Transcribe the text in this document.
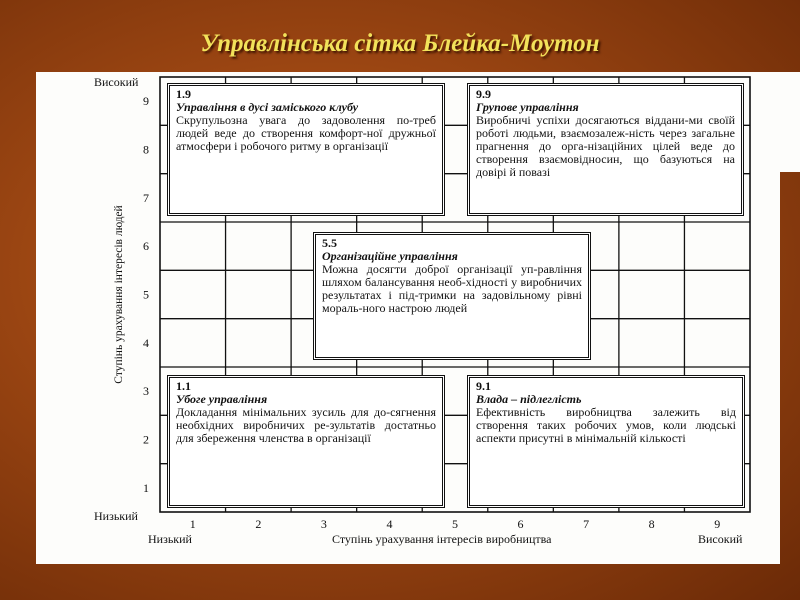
Управлінська сітка Блейка-Моутон
1
1
2
2
3
3
4
4
5
5
6
6
7
7
8
8
9
9
Ступінь урахування інтересів людей
1.9
Управління в дусі заміського клубу
Скрупульозна увага до задоволення по-треб людей веде до створення комфорт-ної дружньої атмосфери і робочого ритму в організації
9.9
Групове управління
Виробничі успіхи досягаються віддани-ми своїй роботі людьми, взаємозалеж-ність через загальне прагнення до орга-нізаційних цілей веде до створення взаємовідносин, що базуються на довірі й повазі
5.5
Організаційне управління
Можна досягти доброї організації уп-равління шляхом балансування необ-хідності у виробничих результатах і під-тримки на задовільному рівні мораль-ного настрою людей
1.1
Убоге управління
Докладання мінімальних зусиль для до-сягнення необхідних виробничих ре-зультатів достатньо для збереження членства в організації
9.1
Влада – підлеглість
Ефективність виробництва залежить від створення таких робочих умов, коли людські аспекти присутні в мінімальній кількості
Низький	Ступінь урахування інтересів виробництва	Високий
Високий
Низький
